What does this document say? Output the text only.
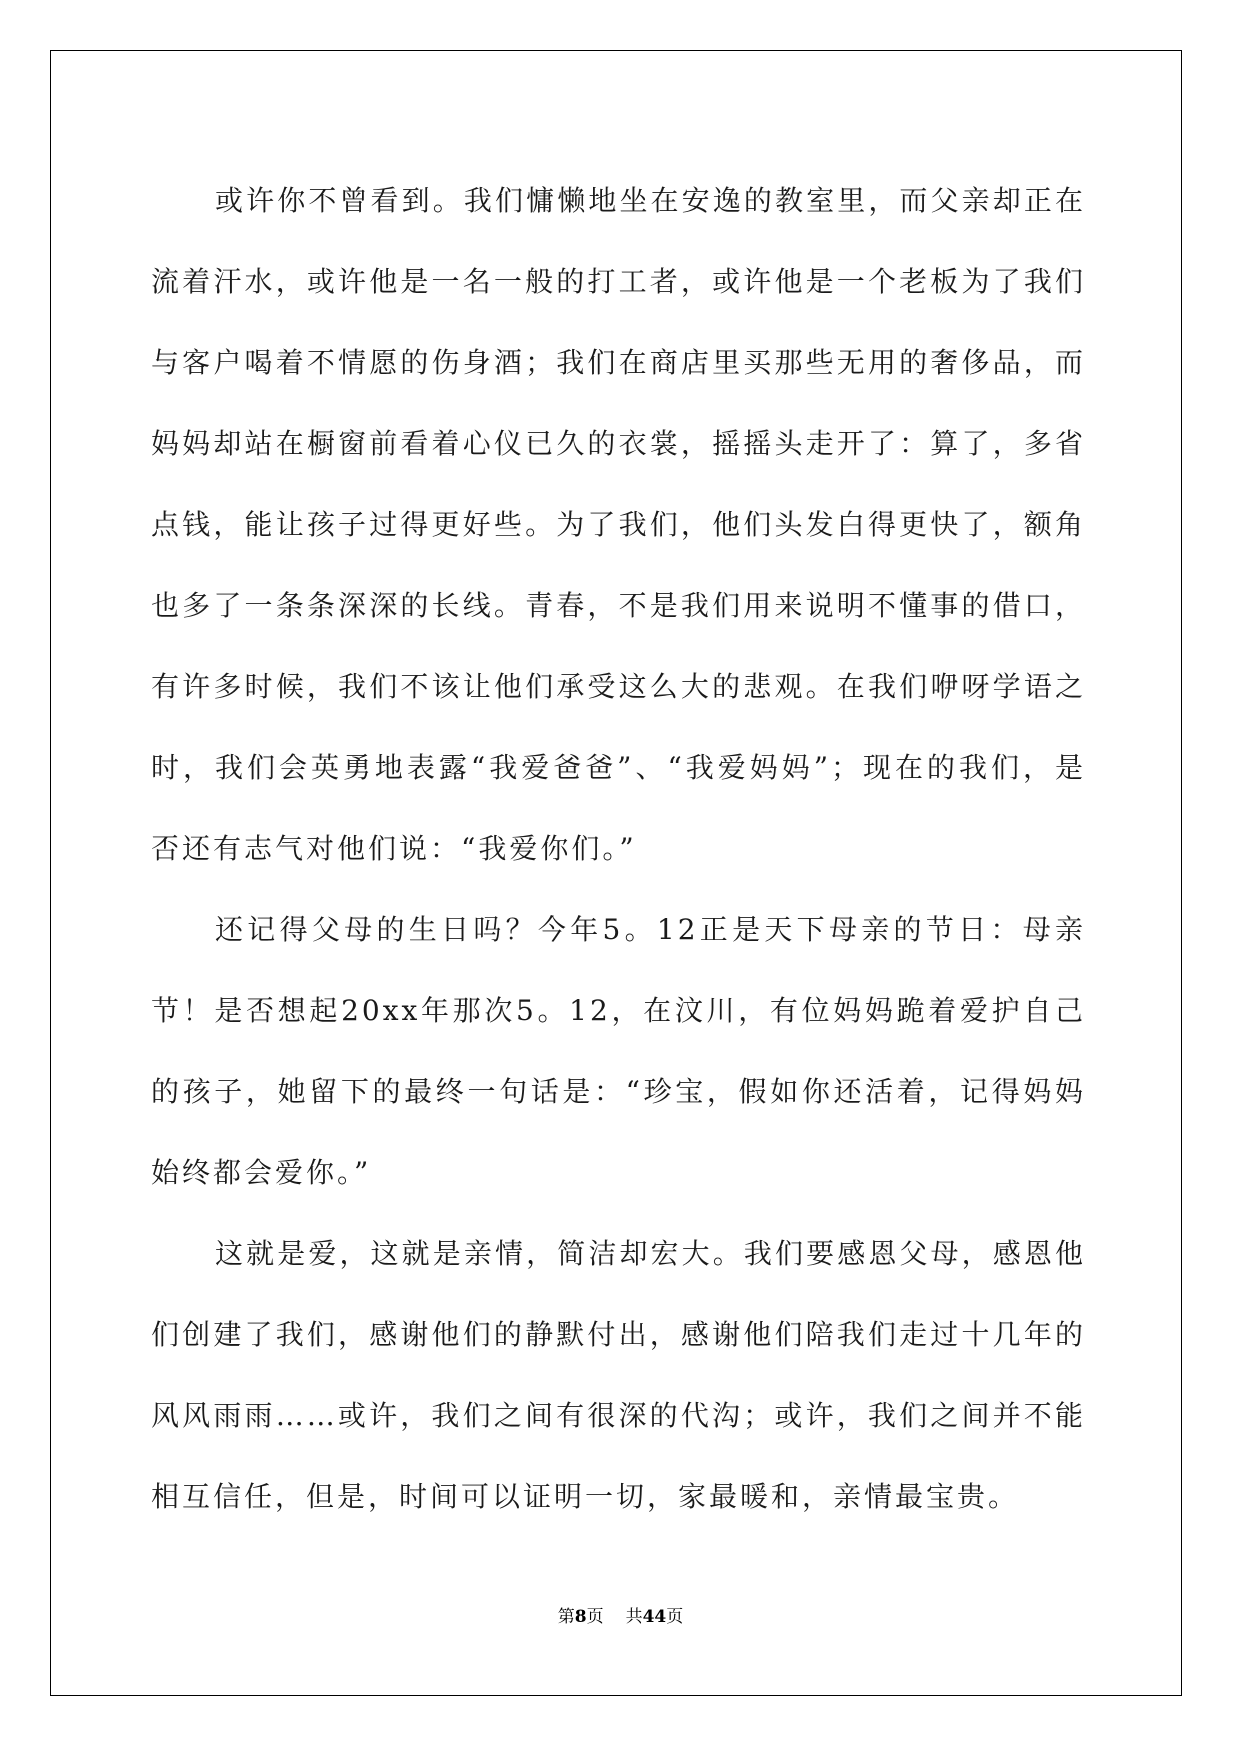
或许你不曾看到。我们慵懒地坐在安逸的教室里，而父亲却正在流着汗水，或许他是一名一般的打工者，或许他是一个老板为了我们与客户喝着不情愿的伤身酒；我们在商店里买那些无用的奢侈品，而妈妈却站在橱窗前看着心仪已久的衣裳，摇摇头走开了：算了，多省点钱，能让孩子过得更好些。为了我们，他们头发白得更快了，额角也多了一条条深深的长线。青春，不是我们用来说明不懂事的借口，有许多时候，我们不该让他们承受这么大的悲观。在我们咿呀学语之时，我们会英勇地表露“我爱爸爸”、“我爱妈妈”；现在的我们，是否还有志气对他们说：“我爱你们。”

还记得父母的生日吗？今年5。12正是天下母亲的节日：母亲节！是否想起20xx年那次5。12，在汶川，有位妈妈跪着爱护自己的孩子，她留下的最终一句话是：“珍宝，假如你还活着，记得妈妈始终都会爱你。”

这就是爱，这就是亲情，简洁却宏大。我们要感恩父母，感恩他们创建了我们，感谢他们的静默付出，感谢他们陪我们走过十几年的风风雨雨……或许，我们之间有很深的代沟；或许，我们之间并不能相互信任，但是，时间可以证明一切，家最暖和，亲情最宝贵。

第8页 共44页
